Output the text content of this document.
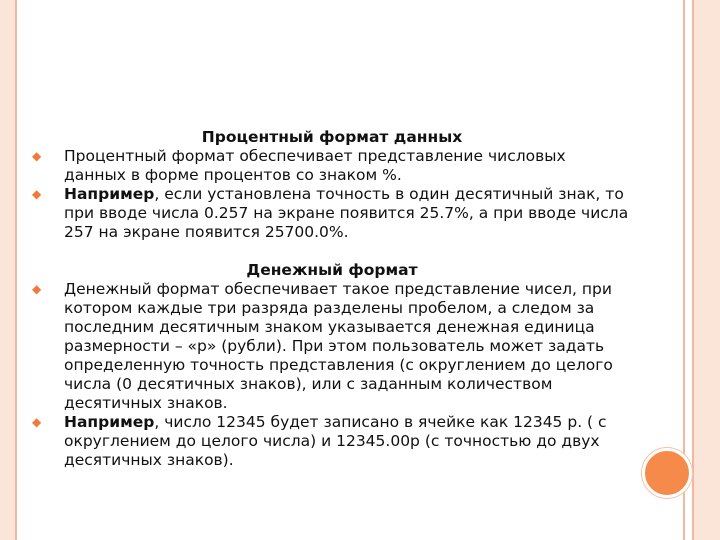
Процентный формат данных

◆ Процентный формат обеспечивает представление числовых данных в форме процентов со знаком %.

◆ Например, если установлена точность в один десятичный знак, то при вводе числа 0.257 на экране появится 25.7%, а при вводе числа 257 на экране появится 25700.0%.

Денежный формат

◆ Денежный формат обеспечивает такое представление чисел, при котором каждые три разряда разделены пробелом, а следом за последним десятичным знаком указывается денежная единица размерности – «р» (рубли). При этом пользователь может задать определенную точность представления (с округлением до целого числа (0 десятичных знаков), или с заданным количеством десятичных знаков.

◆ Например, число 12345 будет записано в ячейке как 12345 р. ( с округлением до целого числа) и 12345.00р (с точностью до двух десятичных знаков).
